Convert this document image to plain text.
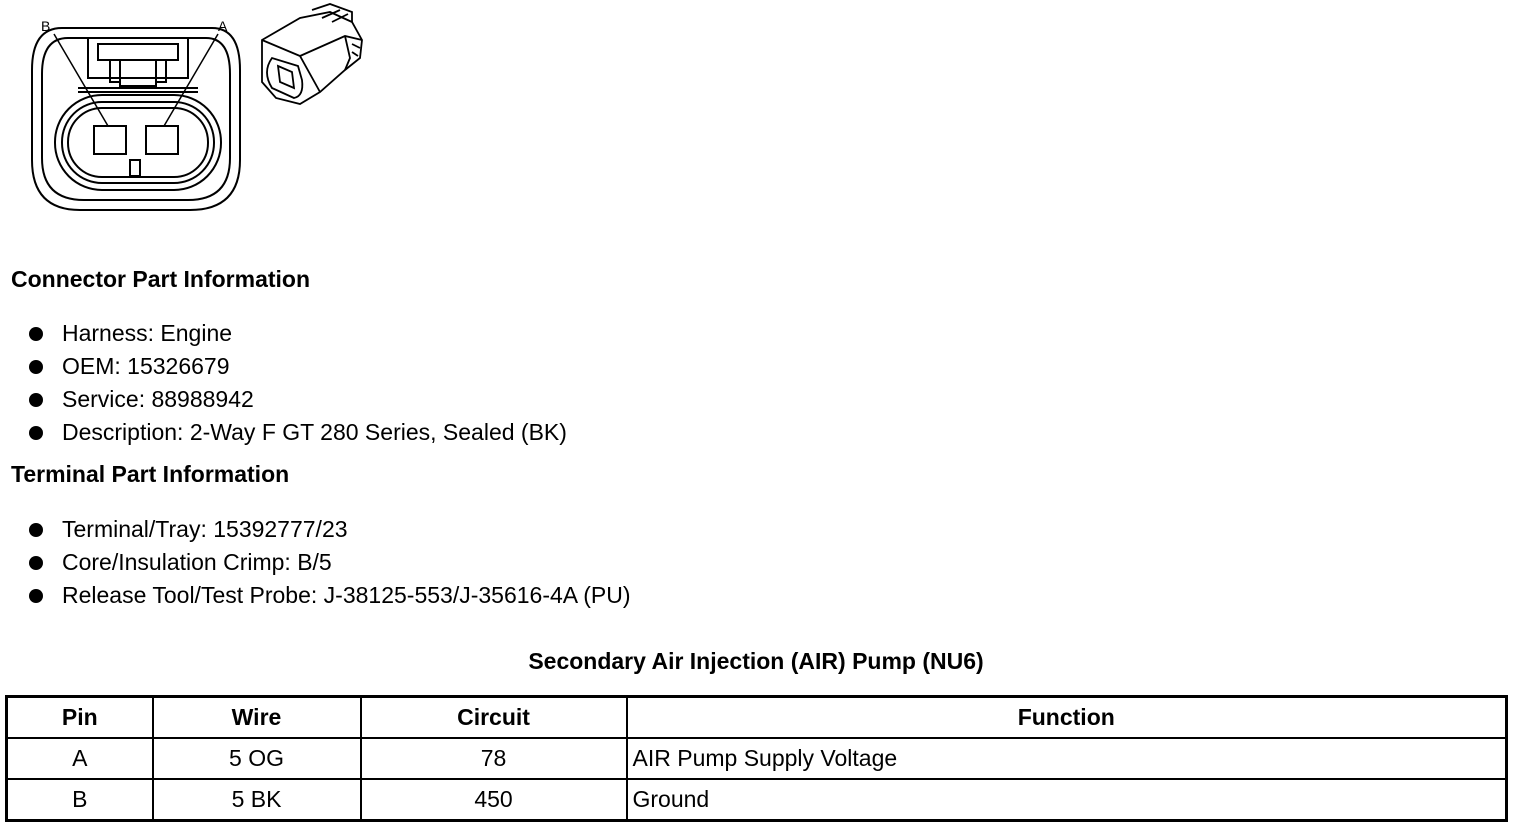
B	A
Connector Part Information
Harness: Engine
OEM: 15326679
Service: 88988942
Description: 2-Way F GT 280 Series, Sealed (BK)
Terminal Part Information
Terminal/Tray: 15392777/23
Core/Insulation Crimp: B/5
Release Tool/Test Probe: J-38125-553/J-35616-4A (PU)
Secondary Air Injection (AIR) Pump (NU6)
Pin	Wire	Circuit	Function
A	5 OG	78	AIR Pump Supply Voltage
B	5 BK	450	Ground
